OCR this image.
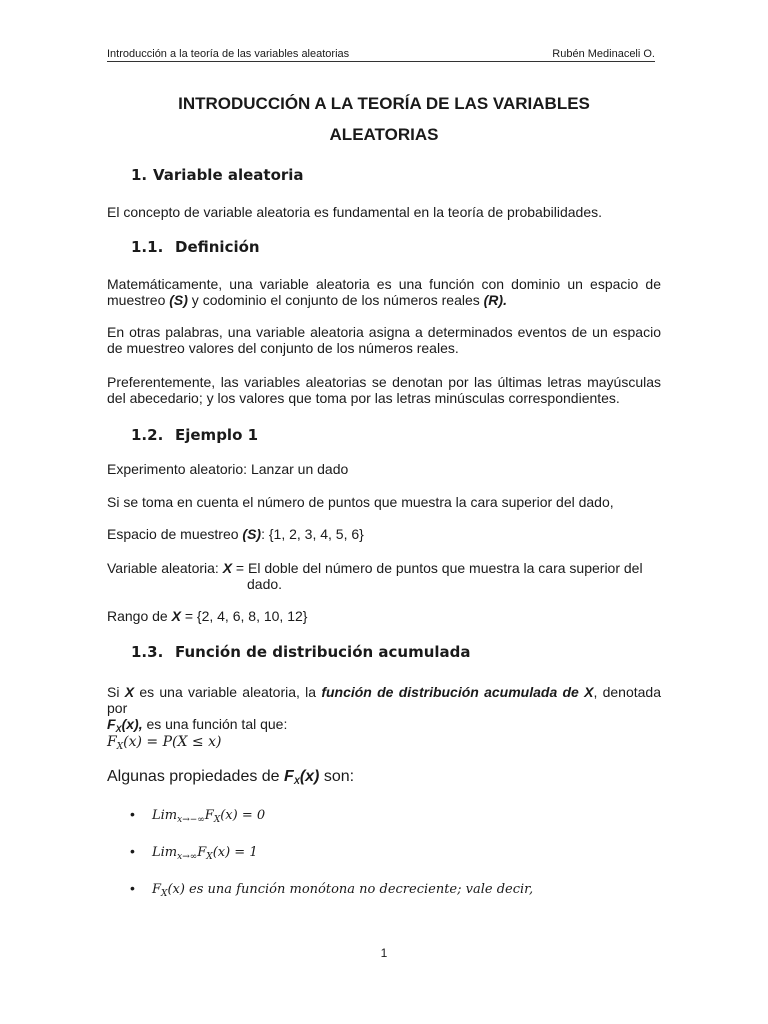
Introducción a la teoría de las variables aleatorias	Rubén Medinaceli O.
INTRODUCCIÓN A LA TEORÍA DE LAS VARIABLES
ALEATORIAS
1. Variable aleatoria
El concepto de variable aleatoria es fundamental en la teoría de probabilidades.
1.1. Definición
Matemáticamente, una variable aleatoria es una función con dominio un espacio de muestreo (S) y codominio el conjunto de los números reales (R).
En otras palabras, una variable aleatoria asigna a determinados eventos de un espacio de muestreo valores del conjunto de los números reales.
Preferentemente, las variables aleatorias se denotan por las últimas letras mayúsculas del abecedario; y los valores que toma por las letras minúsculas correspondientes.
1.2. Ejemplo 1
Experimento aleatorio: Lanzar un dado
Si se toma en cuenta el número de puntos que muestra la cara superior del dado,
Espacio de muestreo (S): {1, 2, 3, 4, 5, 6}
Variable aleatoria: X = El doble del número de puntos que muestra la cara superior del
dado.
Rango de X = {2, 4, 6, 8, 10, 12}
1.3. Función de distribución acumulada
Si X es una variable aleatoria, la función de distribución acumulada de X, denotada por
$F_X(x)$, es una función tal que:
$F_X(x) = P(X \le x)$
Algunas propiedades de $F_X(x)$ son:
• $Lim_{x\to-\infty}F_X(x) = 0$
• $Lim_{x\to\infty}F_X(x) = 1$
• $F_X(x)$ es una función monótona no decreciente; vale decir,
1
